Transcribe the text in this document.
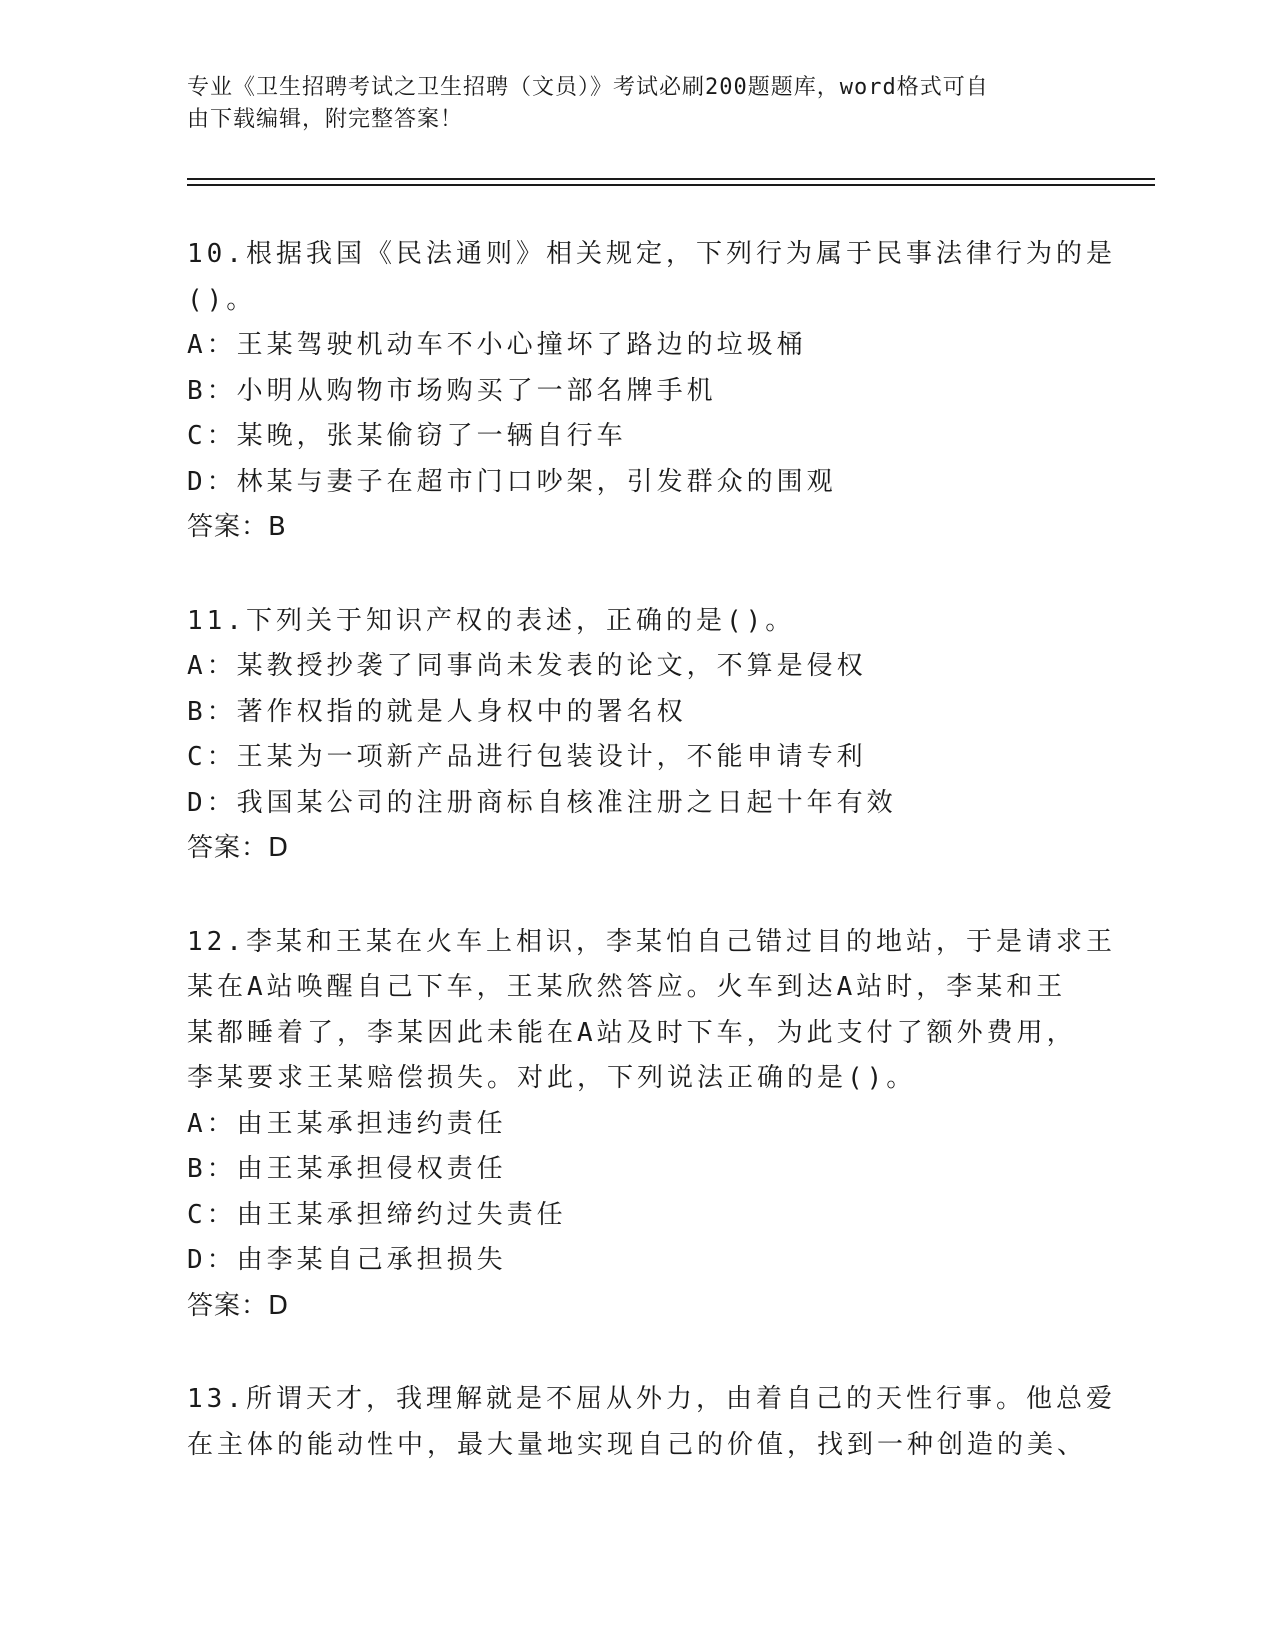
专业《卫生招聘考试之卫生招聘（文员）》考试必刷200题题库，word格式可自
由下载编辑，附完整答案！
10.根据我国《民法通则》相关规定，下列行为属于民事法律行为的是
()。
A：王某驾驶机动车不小心撞坏了路边的垃圾桶
B：小明从购物市场购买了一部名牌手机
C：某晚，张某偷窃了一辆自行车
D：林某与妻子在超市门口吵架，引发群众的围观
答案：B
11.下列关于知识产权的表述，正确的是()。
A：某教授抄袭了同事尚未发表的论文，不算是侵权
B：著作权指的就是人身权中的署名权
C：王某为一项新产品进行包装设计，不能申请专利
D：我国某公司的注册商标自核准注册之日起十年有效
答案：D
12.李某和王某在火车上相识，李某怕自己错过目的地站，于是请求王
某在A站唤醒自己下车，王某欣然答应。火车到达A站时，李某和王
某都睡着了，李某因此未能在A站及时下车，为此支付了额外费用，
李某要求王某赔偿损失。对此，下列说法正确的是()。
A：由王某承担违约责任
B：由王某承担侵权责任
C：由王某承担缔约过失责任
D：由李某自己承担损失
答案：D
13.所谓天才，我理解就是不屈从外力，由着自己的天性行事。他总爱
在主体的能动性中，最大量地实现自己的价值，找到一种创造的美、
